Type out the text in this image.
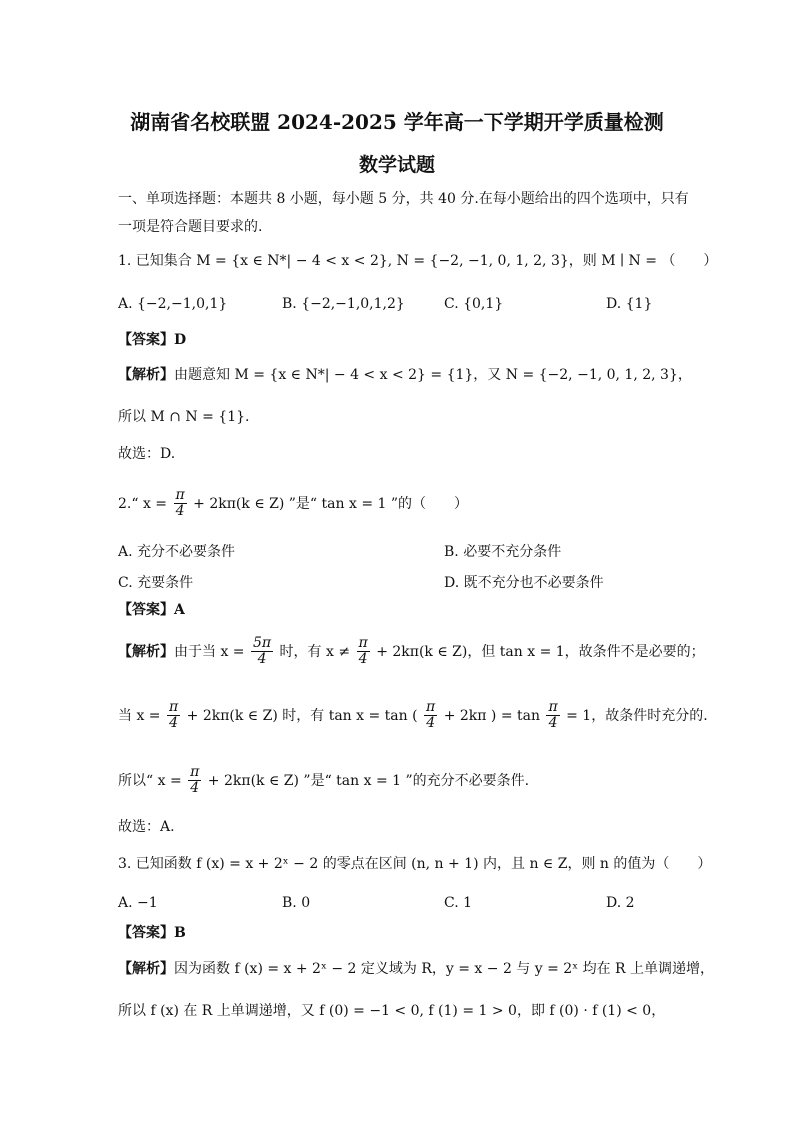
湖南省名校联盟 2024-2025 学年高一下学期开学质量检测
数学试题
一、单项选择题：本题共 8 小题，每小题 5 分，共 40 分.在每小题给出的四个选项中，只有
一项是符合题目要求的.
1. 已知集合 M = {x ∈ N*| − 4 < x < 2}, N = {−2, −1, 0, 1, 2, 3}，则 M ∣ N = （　　）
A. {−2,−1,0,1}	B. {−2,−1,0,1,2}	C. {0,1}	D. {1}
【答案】D
【解析】由题意知 M = {x ∈ N*| − 4 < x < 2} = {1}，又 N = {−2, −1, 0, 1, 2, 3}，
所以 M ∩ N = {1}.
故选：D.
2.“ $x = \frac{\pi}{4} + 2k\pi(k$ ∈ Z) ”是“ tan x = 1 ”的（　　）
A. 充分不必要条件	B. 必要不充分条件
C. 充要条件	D. 既不充分也不必要条件
【答案】A
【解析】由于当 $x = \frac{5\pi}{4}$ 时，有 $x \ne \frac{\pi}{4} + 2k\pi(k$ ∈ Z)，但 tan x = 1，故条件不是必要的；
当 $x = \frac{\pi}{4} + 2k\pi(k$ ∈ Z) 时，有 tan x = tan ( $\frac{\pi}{4} + 2k\pi$ ) = $\tan \frac{\pi}{4} = 1$，故条件时充分的.
所以“ $x = \frac{\pi}{4} + 2k\pi(k$ ∈ Z) ”是“ tan x = 1 ”的充分不必要条件.
故选：A.
3. 已知函数 f (x) = x + 2ˣ − 2 的零点在区间 (n, n + 1) 内，且 n ∈ Z，则 n 的值为（　　）
A. −1	B. 0	C. 1	D. 2
【答案】B
【解析】因为函数 f (x) = x + 2ˣ − 2 定义域为 R，y = x − 2 与 y = 2ˣ 均在 R 上单调递增，
所以 f (x) 在 R 上单调递增，又 f (0) = −1 < 0, f (1) = 1 > 0，即 f (0) · f (1) < 0，
